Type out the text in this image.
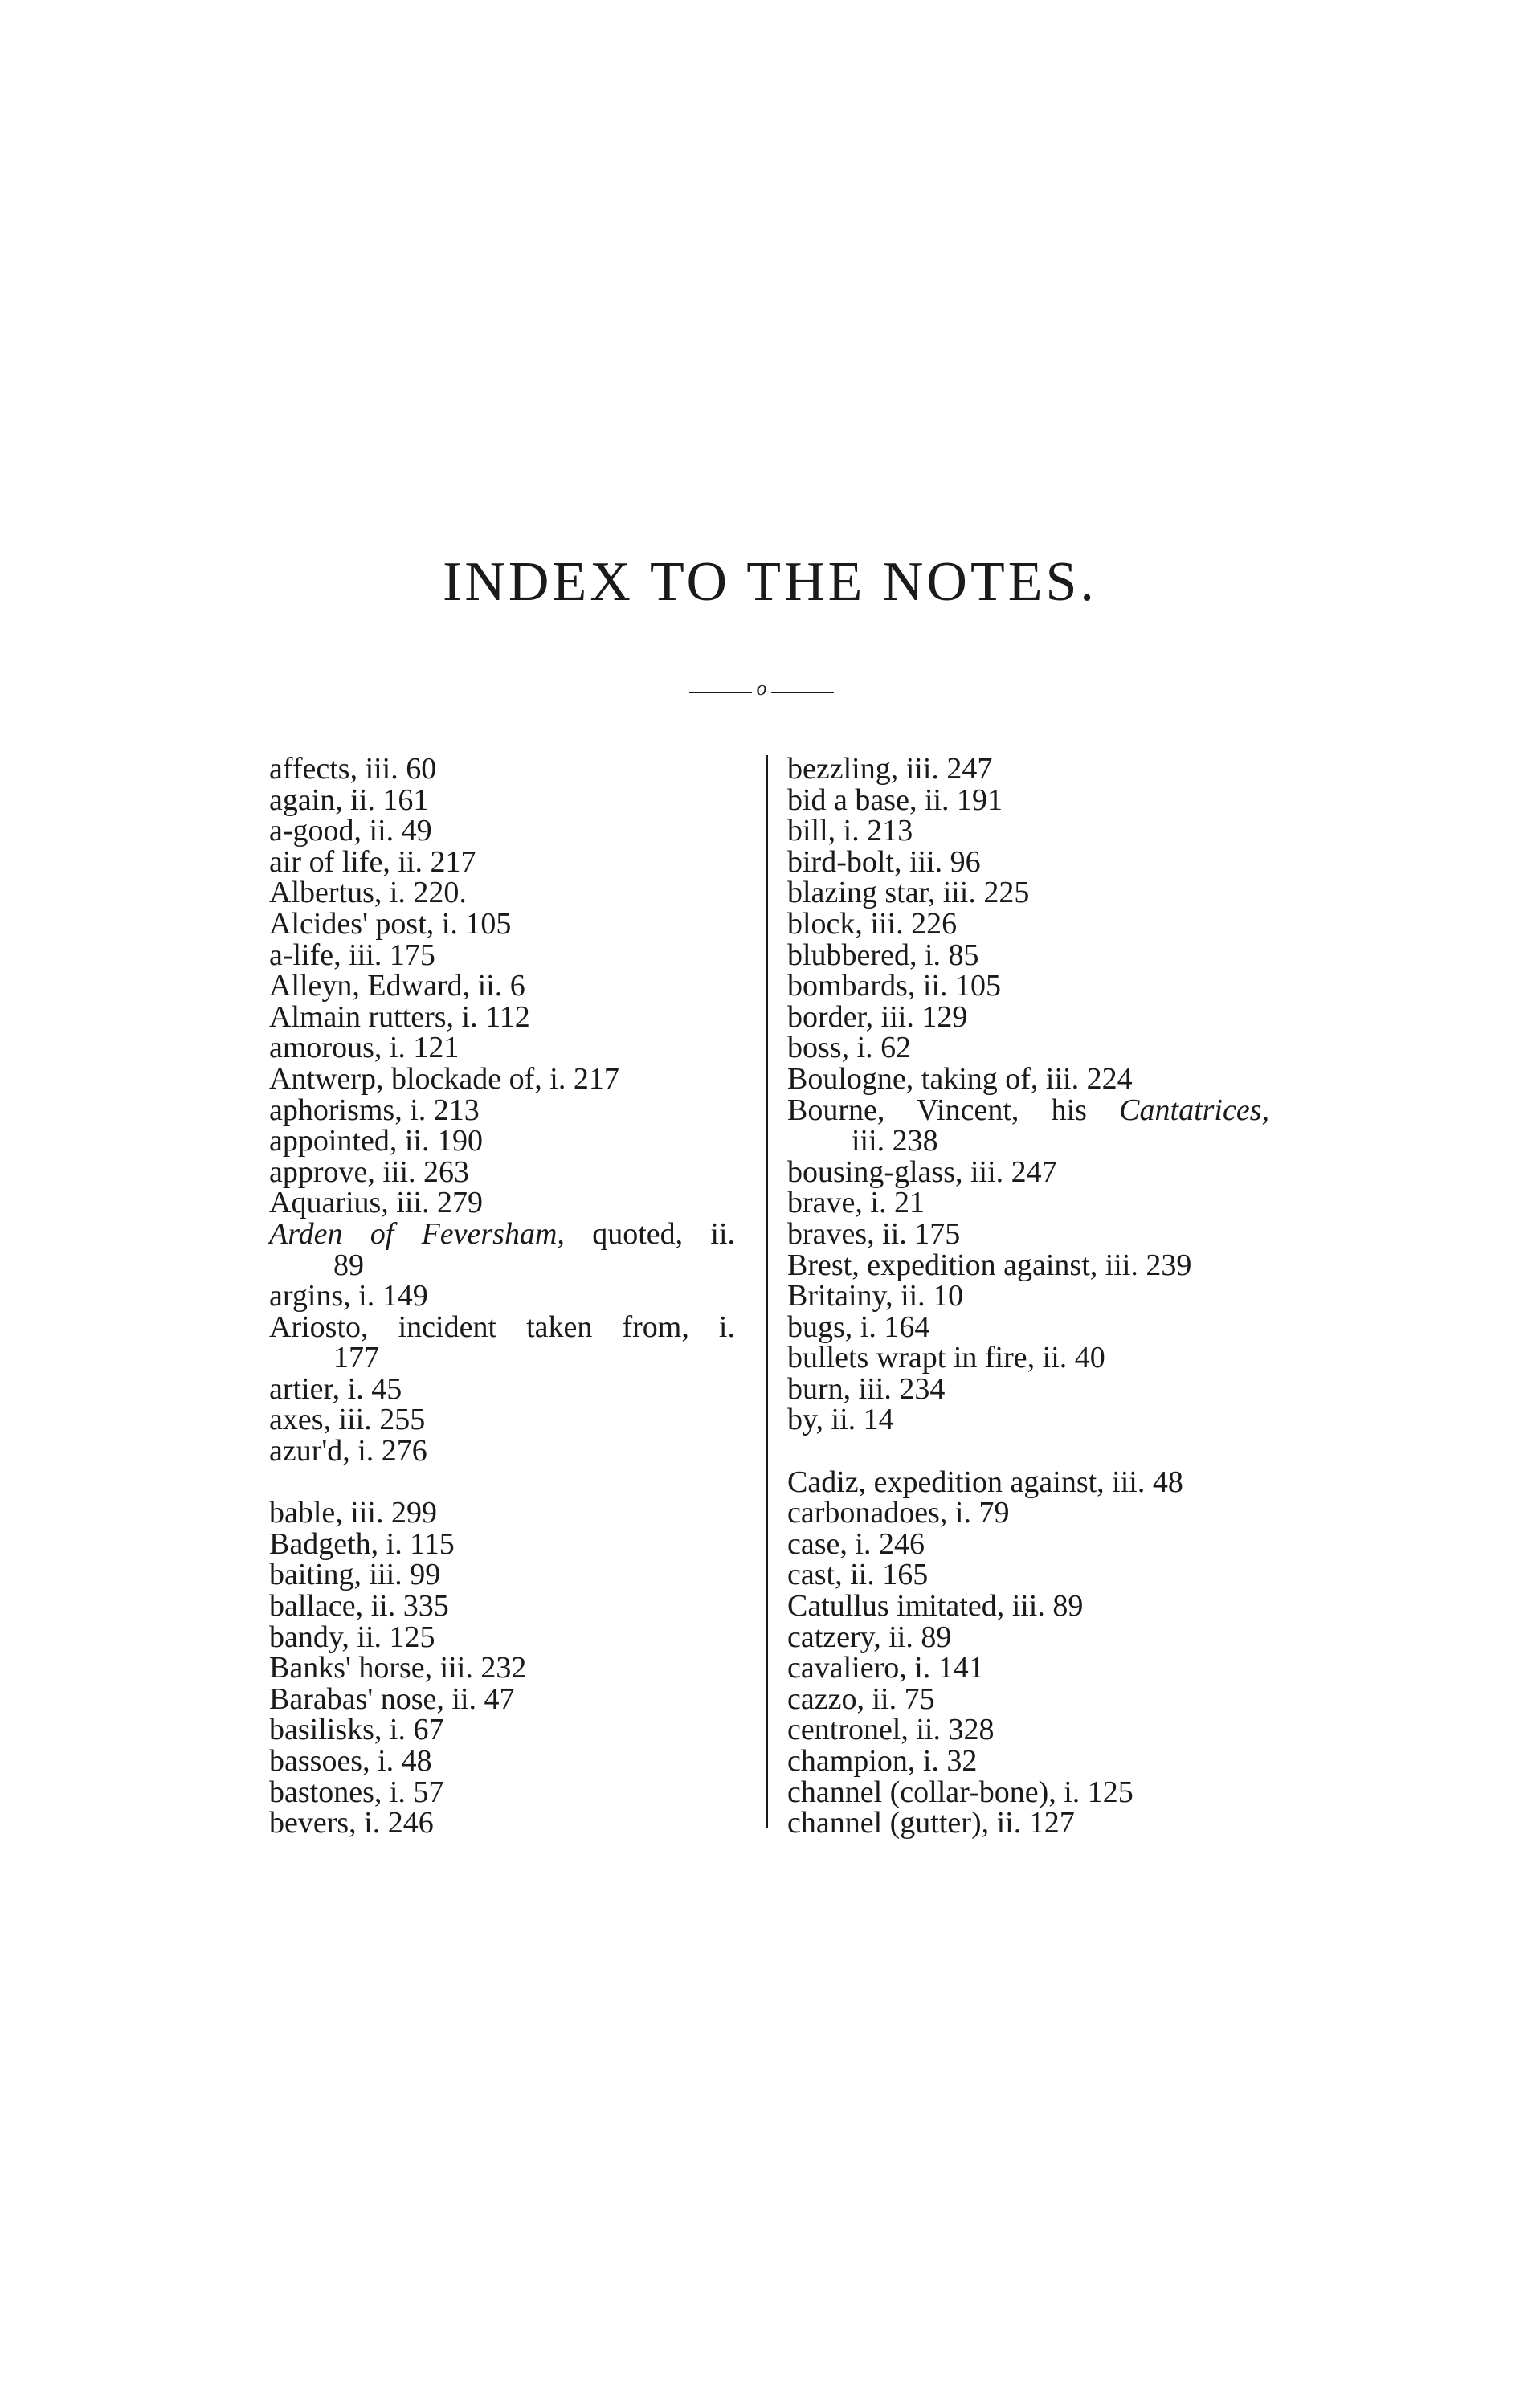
INDEX TO THE NOTES.
o
affects, iii. 60
again, ii. 161
a-good, ii. 49
air of life, ii. 217
Albertus, i. 220.
Alcides' post, i. 105
a-life, iii. 175
Alleyn, Edward, ii. 6
Almain rutters, i. 112
amorous, i. 121
Antwerp, blockade of, i. 217
aphorisms, i. 213
appointed, ii. 190
approve, iii. 263
Aquarius, iii. 279
Arden of Feversham, quoted, ii.
89
argins, i. 149
Ariosto, incident taken from, i.
177
artier, i. 45
axes, iii. 255
azur'd, i. 276
bable, iii. 299
Badgeth, i. 115
baiting, iii. 99
ballace, ii. 335
bandy, ii. 125
Banks' horse, iii. 232
Barabas' nose, ii. 47
basilisks, i. 67
bassoes, i. 48
bastones, i. 57
bevers, i. 246
bezzling, iii. 247
bid a base, ii. 191
bill, i. 213
bird-bolt, iii. 96
blazing star, iii. 225
block, iii. 226
blubbered, i. 85
bombards, ii. 105
border, iii. 129
boss, i. 62
Boulogne, taking of, iii. 224
Bourne, Vincent, his Cantatrices,
iii. 238
bousing-glass, iii. 247
brave, i. 21
braves, ii. 175
Brest, expedition against, iii. 239
Britainy, ii. 10
bugs, i. 164
bullets wrapt in fire, ii. 40
burn, iii. 234
by, ii. 14
Cadiz, expedition against, iii. 48
carbonadoes, i. 79
case, i. 246
cast, ii. 165
Catullus imitated, iii. 89
catzery, ii. 89
cavaliero, i. 141
cazzo, ii. 75
centronel, ii. 328
champion, i. 32
channel (collar-bone), i. 125
channel (gutter), ii. 127
